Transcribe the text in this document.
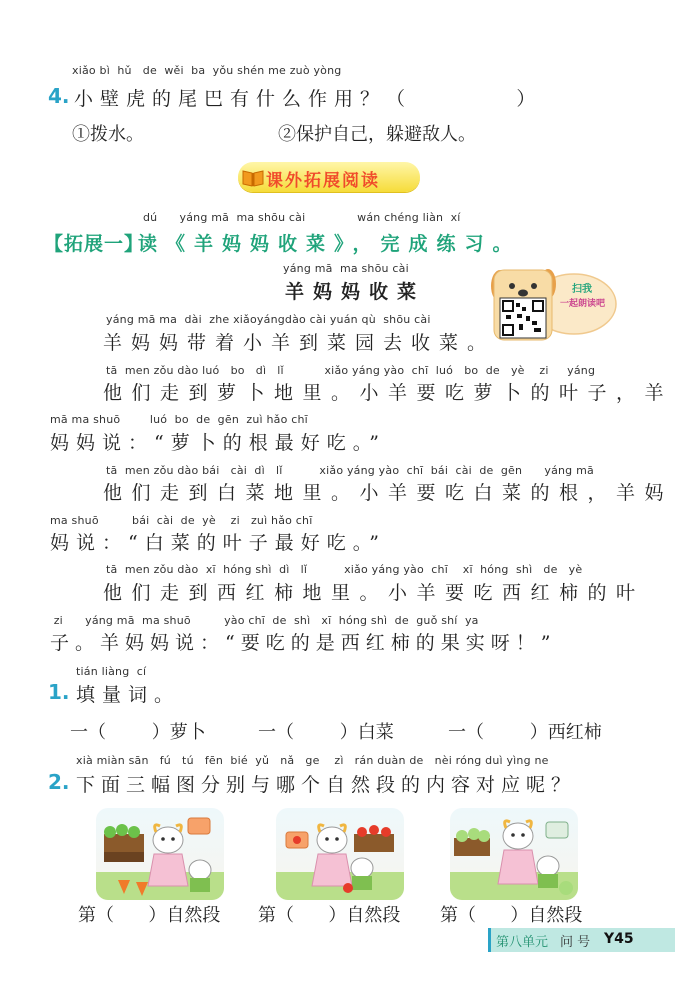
xiǎo bì  hǔ   de  wěi  ba  yǒu shén me zuò yòng
4. 小壁虎的尾巴有什么作用？（        ）
①拨水。	②保护自己，躲避敌人。
课外拓展阅读
dú      yáng mā  ma shōu cài              wán chéng liàn  xí
【拓展一】
读《羊妈妈收菜》，完成练习。
yáng mā  ma shōu cài
羊妈妈收菜	扫我
一起朗读吧
yáng mā ma  dài  zhe xiǎoyángdào cài yuán qù  shōu cài
羊妈妈带着小羊到菜园去收菜。
tā  men zǒu dào luó   bo   dì   lǐ           xiǎo yáng yào  chī  luó   bo  de   yè    zi     yáng
他们走到萝卜地里。小羊要吃萝卜的叶子，羊
mā ma shuō        luó  bo  de  gēn  zuì hǎo chī
妈妈说：“萝卜的根最好吃。”
tā  men zǒu dào bái   cài  dì   lǐ          xiǎo yáng yào  chī  bái  cài  de  gēn      yáng mā
他们走到白菜地里。小羊要吃白菜的根，羊妈
ma shuō         bái  cài  de  yè    zi   zuì hǎo chī
妈说：“白菜的叶子最好吃。”
tā  men zǒu dào  xī  hóng shì  dì   lǐ          xiǎo yáng yào  chī    xī  hóng  shì   de   yè
他们走到西红柿地里。小羊要吃西红柿的叶
zi      yáng mā  ma shuō         yào chī  de  shì   xī  hóng shì  de  guǒ shí  ya
子。羊妈妈说：“要吃的是西红柿的果实呀！”
tián liàng  cí
1. 填量词。
一（        ）萝卜	一（        ）白菜	一（        ）西红柿
xià miàn sān   fú   tú   fēn  bié  yǔ   nǎ   ge    zì   rán duàn de   nèi róng duì yìng ne
2. 下面三幅图分别与哪个自然段的内容对应呢？
第（      ）自然段 第（      ）自然段 第（      ）自然段
第八单元 问 号 Y45
